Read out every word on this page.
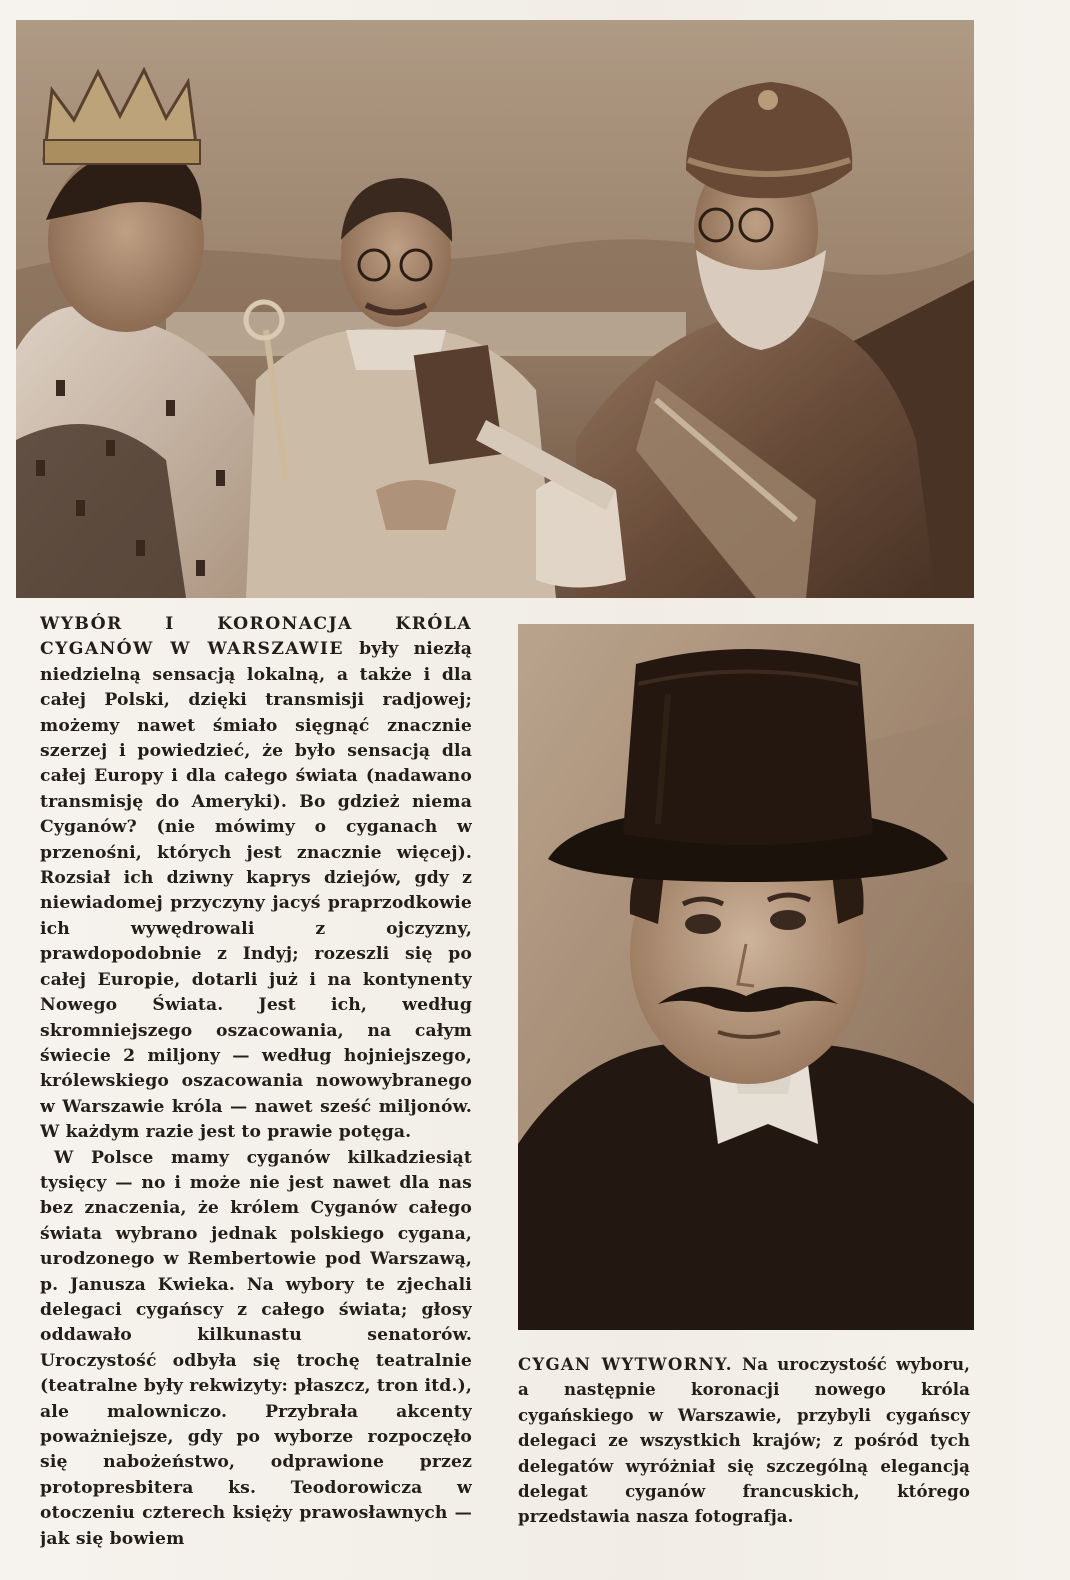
WYBÓR I KORONACJA KRÓLA CYGANÓW W WARSZAWIE były niezłą niedzielną sensacją lokalną, a także i dla całej Polski, dzięki transmisji radjowej; możemy nawet śmiało sięgnąć znacznie szerzej i powiedzieć, że było sensacją dla całej Europy i dla całego świata (nadawano transmisję do Ameryki). Bo gdzież niema Cyganów? (nie mówimy o cyganach w przenośni, których jest znacznie więcej). Rozsiał ich dziwny kaprys dziejów, gdy z niewiadomej przyczyny jacyś praprzodkowie ich wywędrowali z ojczyzny, prawdopodobnie z Indyj; rozeszli się po całej Europie, dotarli już i na kontynenty Nowego Świata. Jest ich, według skromniejszego oszacowania, na całym świecie 2 miljony — według hojniejszego, królewskiego oszacowania nowowybranego w Warszawie króla — nawet sześć miljonów. W każdym razie jest to prawie potęga.

W Polsce mamy cyganów kilkadziesiąt tysięcy — no i może nie jest nawet dla nas bez znaczenia, że królem Cyganów całego świata wybrano jednak polskiego cygana, urodzonego w Rembertowie pod Warszawą, p. Janusza Kwieka. Na wybory te zjechali delegaci cygańscy z całego świata; głosy oddawało kilkunastu senatorów. Uroczystość odbyła się trochę teatralnie (teatralne były rekwizyty: płaszcz, tron itd.), ale malowniczo. Przybrała akcenty poważniejsze, gdy po wyborze rozpoczęło się nabożeństwo, odprawione przez protopresbitera ks. Teodorowicza w otoczeniu czterech księży prawosławnych — jak się bowiem

CYGAN WYTWORNY. Na uroczystość wyboru, a następnie koronacji nowego króla cygańskiego w Warszawie, przybyli cygańscy delegaci ze wszystkich krajów; z pośród tych delegatów wyróżniał się szczególną elegancją delegat cyganów francuskich, którego przedstawia nasza fotografja.
